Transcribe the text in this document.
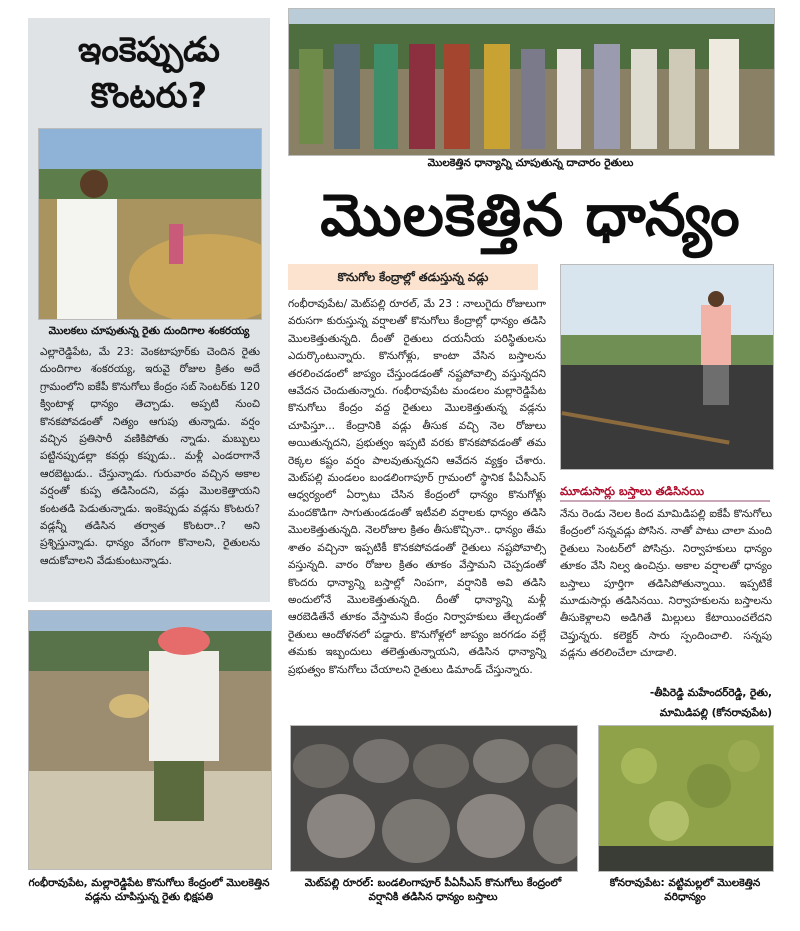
ఇంకెప్పుడు
కొంటరు?
మొలకలు చూపుతున్న రైతు దుందిగాల శంకరయ్య

ఎల్లారెడ్డిపేట, మే 23: వెంకటాపూర్‌కు చెందిన రైతు దుందిగాల శంకరయ్య, ఇరువై రోజుల క్రితం అదే గ్రామంలోని ఐకేపీ కొనుగోలు కేంద్రం సబ్ సెంటర్‌కు 120 క్వింటాళ్ల ధాన్యం తెచ్చాడు. అప్పటి నుంచి కొనకపోవడంతో నిత్యం ఆగుపు తున్నాడు. వర్షం వచ్చిన ప్రతిసారీ వణికిపోతు న్నాడు. మబ్బులు పట్టినప్పుడల్లా కవర్లు కప్పుడు.. మళ్లీ ఎండరాగానే ఆరబెట్టుడు.. చేస్తున్నాడు. గురువారం వచ్చిన అకాల వర్షంతో కుప్ప తడిసిందని, వడ్లు మొలకెత్తాయని కంటతడి పెడుతున్నాడు. ఇంకెప్పుడు వడ్లను కొంటరు? వడ్లన్నీ తడిసిన తర్వాత కొంటరా..? అని ప్రశ్నిస్తున్నాడు. ధాన్యం వేగంగా కొనాలని, రైతులను ఆదుకోవాలని వేడుకుంటున్నాడు.

గంభీరావుపేట, మల్లారెడ్డిపేట కొనుగోలు కేంద్రంలో మొలకెత్తిన వడ్లను చూపిస్తున్న రైతు భిక్షపతి
మొలకెత్తిన ధాన్యాన్ని చూపుతున్న దాచారం రైతులు
మొలకెత్తిన ధాన్యం
కొనుగోల కేంద్రాల్లో తడుస్తున్న వడ్లు

గంభీరావుపేట/ మెట్‌పల్లి రూరల్, మే 23 : నాలుగైదు రోజులుగా వరుసగా కురుస్తున్న వర్షాలతో కొనుగోలు కేంద్రాల్లో ధాన్యం తడిసి మొలకెత్తుతున్నది. దీంతో రైతులు దయనీయ పరిస్థితులను ఎదుర్కొంటున్నారు. కొనుగోళ్లు, కాంటా వేసిన బస్తాలను తరలించడంలో జాప్యం చేస్తుండడంతో నష్టపోవాల్సి వస్తున్నదని ఆవేదన చెందుతున్నారు. గంభీరావుపేట మండలం మల్లారెడ్డిపేట కొనుగోలు కేంద్రం వద్ద రైతులు మొలకెత్తుతున్న వడ్లను చూపిస్తూ... కేంద్రానికి వడ్లు తీసుక వచ్చి నెల రోజులు అయితున్నదని, ప్రభుత్వం ఇప్పటి వరకు కొనకపోవడంతో తమ రెక్కల కష్టం వర్షం పాలవుతున్నదని ఆవేదన వ్యక్తం చేశారు. మెట్‌పల్లి మండలం బండలింగాపూర్ గ్రామంలో స్థానిక పీఏసీఎస్ ఆధ్వర్యంలో ఏర్పాటు చేసిన కేంద్రంలో ధాన్యం కొనుగోళ్లు మందకొడిగా సాగుతుండడంతో ఇటీవలి వర్షాలకు ధాన్యం తడిసి మొలకెత్తుతున్నది. నెలరోజుల క్రితం తీసుకొచ్చినా.. ధాన్యం తేమ శాతం వచ్చినా ఇప్పటికీ కొనకపోవడంతో రైతులు నష్టపోవాల్సి వస్తున్నది. వారం రోజుల క్రితం తూకం వేస్తామని చెప్పడంతో కొందరు ధాన్యాన్ని బస్తాల్లో నింపగా, వర్షానికి అవి తడిసి అందులోనే మొలకెత్తుతున్నది. దీంతో ధాన్యాన్ని మళ్లీ ఆరబెడితేనే తూకం వేస్తామని కేంద్రం నిర్వాహకులు తేల్చడంతో రైతులు ఆందోళనలో పడ్డారు. కొనుగోళ్లలో జాప్యం జరగడం వల్లే తమకు ఇబ్బందులు తలెత్తుతున్నాయని, తడిసిన ధాన్యాన్ని ప్రభుత్వం కొనుగోలు చేయాలని రైతులు డిమాండ్ చేస్తున్నారు.

మూడుసార్లు బస్తాలు తడిసినయి

నేను రెండు నెలల కింద మామిడిపల్లి ఐకేపీ కొనుగోలు కేంద్రంలో సన్నవడ్లు పోసిన. నాతో పాటు చాలా మంది రైతులు సెంటర్‌లో పోసిన్రు. నిర్వాహకులు ధాన్యం తూకం వేసి నిల్వ ఉంచిన్రు. అకాల వర్షాలతో ధాన్యం బస్తాలు పూర్తిగా తడిసిపోతున్నాయి. ఇప్పటికే మూడుసార్లు తడిసినయి. నిర్వాహకులను బస్తాలను తీసుకెళ్లాలని అడిగితే మిల్లులు కేటాయించలేదని చెప్తున్నరు. కలెక్టర్ సారు స్పందించాలి. సన్నపు వడ్లను తరలించేలా చూడాలి.

-తీపిరెడ్డి మహేందర్‌రెడ్డి, రైతు,
మామిడిపల్లి (కోనరావుపేట)
మెట్‌పల్లి రూరల్: బండలింగాపూర్ పీఏసీఎస్ కొనుగోలు కేంద్రంలో వర్షానికి తడిసిన ధాన్యం బస్తాలు
కోనరావుపేట: వట్టిమల్లలో మొలకెత్తిన వరిధాన్యం
